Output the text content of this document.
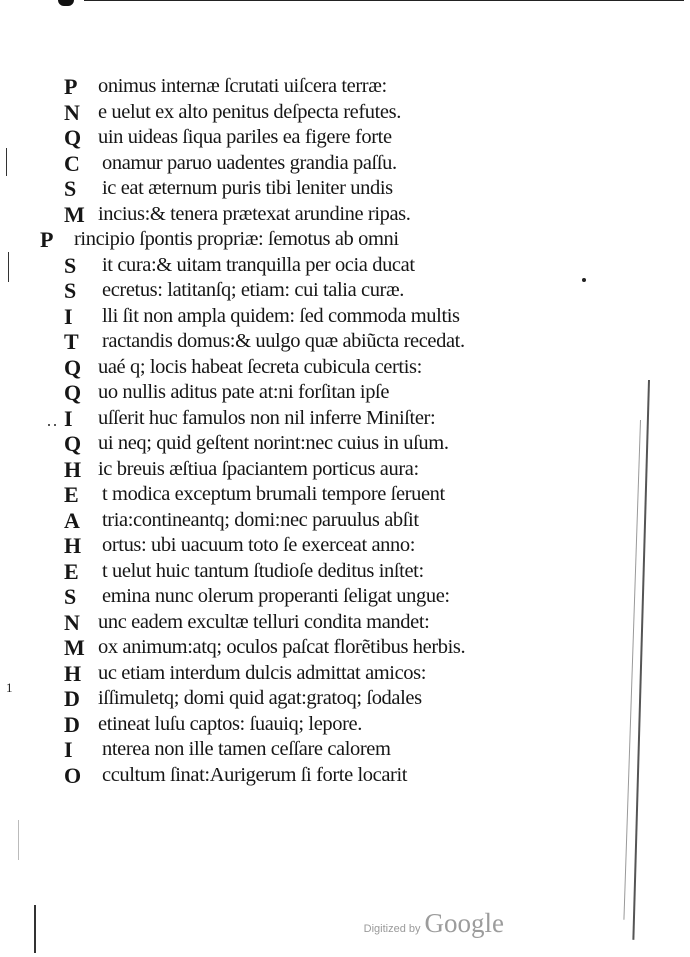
P	onimus internæ ſcrutati uiſcera terræ:
N e uelut ex alto penitus deſpecta refutes.
Q uin uideas ſiqua pariles ea figere forte
C	onamur paruo uadentes grandia paſſu.
S	ic eat æternum puris tibi leniter undis
M incius:& tenera prætexat arundine ripas.
P	rincipio ſpontis propriæ: ſemotus ab omni
S	it cura:& uitam tranquilla per ocia ducat
S	ecretus: latitanſq; etiam: cui talia curæ.
I	lli ſit non ampla quidem: ſed commoda multis
T	ractandis domus:& uulgo quæ abiũcta recedat.
Q uaé q; locis habeat ſecreta cubicula certis:
Q uo nullis aditus pate at:ni forſitan ipſe
I	uſſerit huc famulos non nil inferre Miniſter:
Q ui neq; quid geſtent norint:nec cuius in uſum.
H ic breuis æſtiua ſpaciantem porticus aura:
E	t modica exceptum brumali tempore ſeruent
A	tria:contineantq; domi:nec paruulus abſit
H	ortus: ubi uacuum toto ſe exerceat anno:
E	t uelut huic tantum ſtudioſe deditus inſtet:
S	emina nunc olerum properanti ſeligat ungue:
N unc eadem excultæ telluri condita mandet:
M ox animum:atq; oculos paſcat florẽtibus herbis.
H uc etiam interdum dulcis admittat amicos:
D iſſimuletq; domi quid agat:gratoq; ſodales
D etineat luſu captos: ſuauiq; lepore.
I	nterea non ille tamen ceſſare calorem
O	ccultum ſinat:Aurigerum ſi forte locarit
1
Digitized by Google
